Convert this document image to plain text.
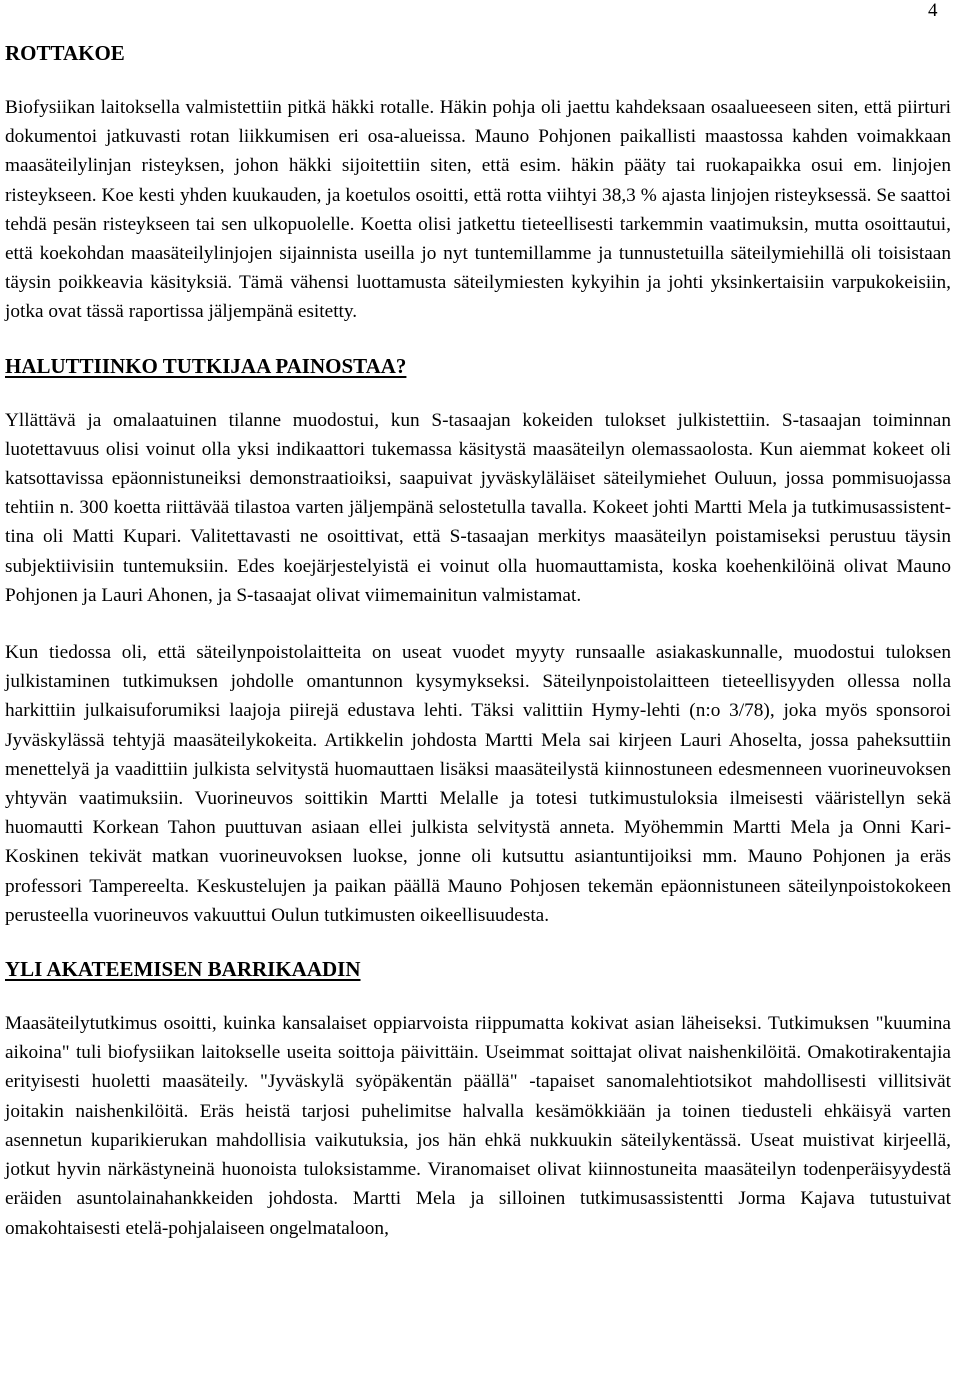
4
ROTTAKOE

Biofysiikan laitoksella valmistettiin pitkä häkki rotalle. Häkin pohja oli jaettu kahdeksaan osaalueeseen siten, että piirturi dokumentoi jatkuvasti rotan liikkumisen eri osa-alueissa. Mauno Pohjonen paikallisti maastossa kahden voimakkaan maasäteilylinjan risteyksen, johon häkki sijoitettiin siten, että esim. häkin pääty tai ruokapaikka osui em. linjojen risteykseen. Koe kesti yhden kuukauden, ja koetulos osoitti, että rotta viihtyi 38,3 % ajasta linjojen risteyksessä. Se saattoi tehdä pesän risteykseen tai sen ulkopuolelle. Koetta olisi jatkettu tieteellisesti tarkemmin vaatimuksin, mutta osoittautui, että koekohdan maasäteilylinjojen sijainnista useilla jo nyt tuntemillamme ja tunnustetuilla säteilymiehillä oli toisistaan täysin poikkeavia käsityksiä. Tämä vähensi luottamusta säteilymiesten kykyihin ja johti yksinkertaisiin varpukokeisiin, jotka ovat tässä raportissa jäljempänä esitetty.

HALUTTIINKO TUTKIJAA PAINOSTAA?

Yllättävä ja omalaatuinen tilanne muodostui, kun S-tasaajan kokeiden tulokset julkistettiin. S-tasaajan toiminnan luotettavuus olisi voinut olla yksi indikaattori tukemassa käsitystä maasäteilyn olemassaolosta. Kun aiemmat kokeet oli katsottavissa epäonnistuneiksi demonstraatioiksi, saapuivat jyväskyläläiset säteilymiehet Ouluun, jossa pommisuojassa tehtiin n. 300 koetta riittävää tilastoa varten jäljempänä selostetulla tavalla. Kokeet johti Martti Mela ja tutkimusassistenttina oli Matti Kupari. Valitettavasti ne osoittivat, että S-tasaajan merkitys maasäteilyn poistamiseksi perustuu täysin subjektiivisiin tuntemuksiin. Edes koejärjestelyistä ei voinut olla huomauttamista, koska koehenkilöinä olivat Mauno Pohjonen ja Lauri Ahonen, ja S-tasaajat olivat viimemainitun valmistamat.

Kun tiedossa oli, että säteilynpoistolaitteita on useat vuodet myyty runsaalle asiakaskunnalle, muodostui tuloksen julkistaminen tutkimuksen johdolle omantunnon kysymykseksi. Säteilynpoistolaitteen tieteellisyyden ollessa nolla harkittiin julkaisuforumiksi laajoja piirejä edustava lehti. Täksi valittiin Hymy-lehti (n:o 3/78), joka myös sponsoroi Jyväskylässä tehtyjä maasäteilykokeita. Artikkelin johdosta Martti Mela sai kirjeen Lauri Ahoselta, jossa paheksuttiin menettelyä ja vaadittiin julkista selvitystä huomauttaen lisäksi maasäteilystä kiinnostuneen edesmenneen vuorineuvoksen yhtyvän vaatimuksiin. Vuorineuvos soittikin Martti Melalle ja totesi tutkimustuloksia ilmeisesti vääristellyn sekä huomautti Korkean Tahon puuttuvan asiaan ellei julkista selvitystä anneta. Myöhemmin Martti Mela ja Onni Kari-Koskinen tekivät matkan vuorineuvoksen luokse, jonne oli kutsuttu asiantuntijoiksi mm. Mauno Pohjonen ja eräs professori Tampereelta. Keskustelujen ja paikan päällä Mauno Pohjosen tekemän epäonnistuneen säteilynpoistokokeen perusteella vuorineuvos vakuuttui Oulun tutkimusten oikeellisuudesta.

YLI AKATEEMISEN BARRIKAADIN

Maasäteilytutkimus osoitti, kuinka kansalaiset oppiarvoista riippumatta kokivat asian läheiseksi. Tutkimuksen "kuumina aikoina" tuli biofysiikan laitokselle useita soittoja päivittäin. Useimmat soittajat olivat naishenkilöitä. Omakotirakentajia erityisesti huoletti maasäteily. "Jyväskylä syöpäkentän päällä" -tapaiset sanomalehtiotsikot mahdollisesti villitsivät joitakin naishenkilöitä. Eräs heistä tarjosi puhelimitse halvalla kesämökkiään ja toinen tiedusteli ehkäisyä varten asennetun kuparikierukan mahdollisia vaikutuksia, jos hän ehkä nukkuukin säteilykentässä. Useat muistivat kirjeellä, jotkut hyvin närkästyneinä huonoista tuloksistamme. Viranomaiset olivat kiinnostuneita maasäteilyn todenperäisyydestä eräiden asuntolainahankkeiden johdosta. Martti Mela ja silloinen tutkimusassistentti Jorma Kajava tutustuivat omakohtaisesti etelä-pohjalaiseen ongelmataloon,
